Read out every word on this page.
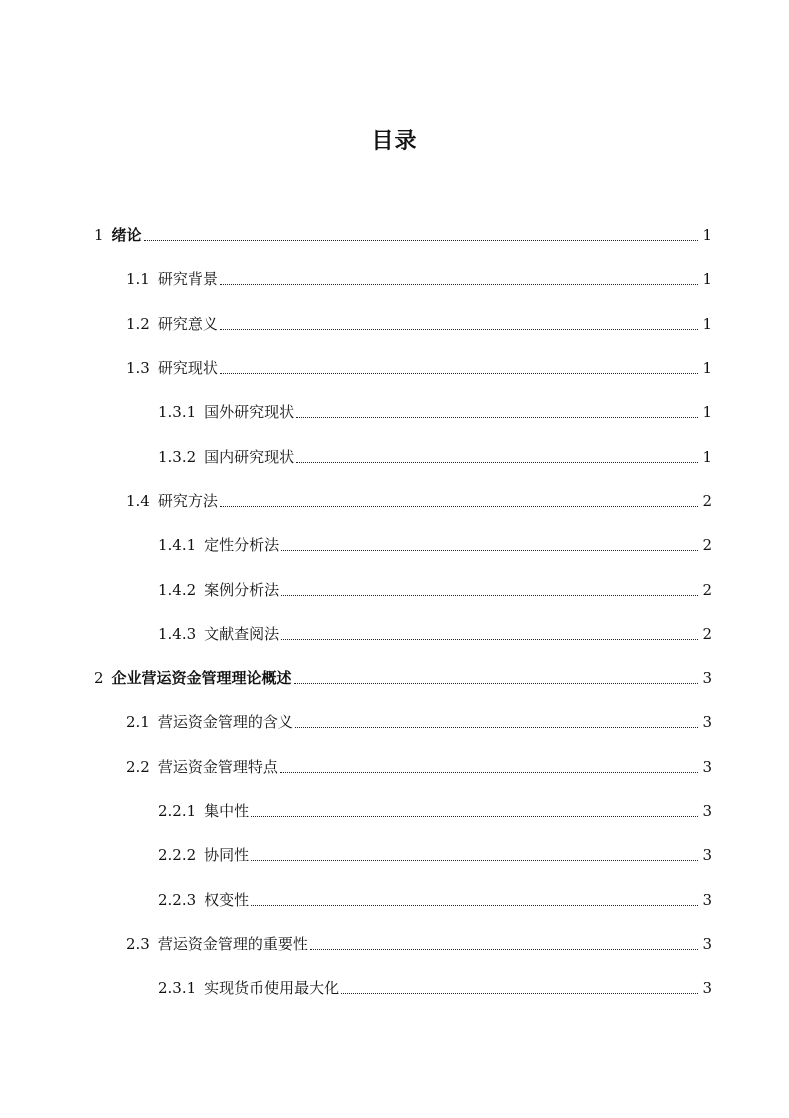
目录
1 绪论	1
1.1 研究背景	1
1.2 研究意义	1
1.3 研究现状	1
1.3.1 国外研究现状	1
1.3.2 国内研究现状	1
1.4 研究方法	2
1.4.1 定性分析法	2
1.4.2 案例分析法	2
1.4.3 文献查阅法	2
2 企业营运资金管理理论概述	3
2.1 营运资金管理的含义	3
2.2 营运资金管理特点	3
2.2.1 集中性	3
2.2.2 协同性	3
2.2.3 权变性	3
2.3 营运资金管理的重要性	3
2.3.1 实现货币使用最大化	3
